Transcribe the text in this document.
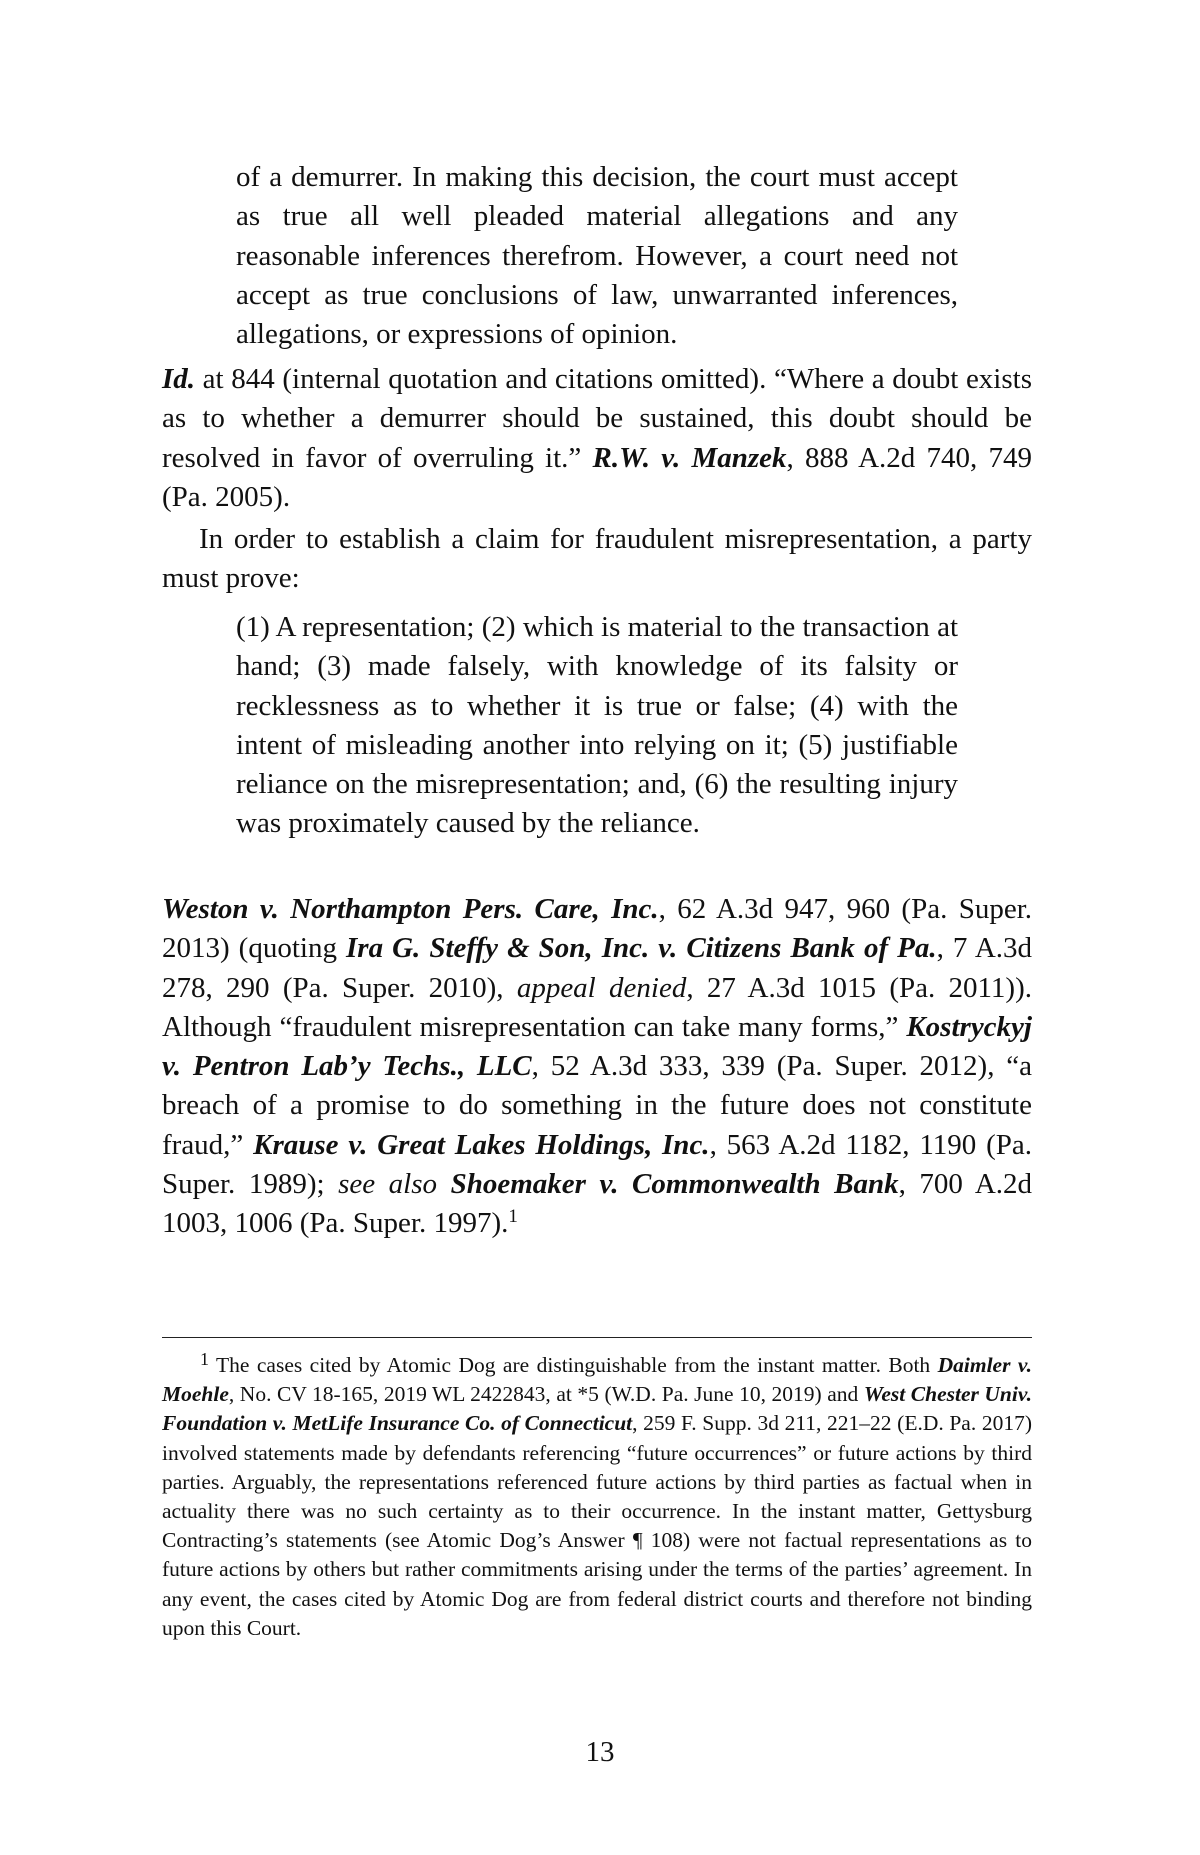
of a demurrer. In making this decision, the court must accept as true all well pleaded material allegations and any reasonable inferences therefrom. However, a court need not accept as true conclusions of law, unwarranted inferences, allegations, or expressions of opinion.
Id. at 844 (internal quotation and citations omitted). “Where a doubt exists as to whether a demurrer should be sustained, this doubt should be resolved in favor of overruling it.” R.W. v. Manzek, 888 A.2d 740, 749 (Pa. 2005).
In order to establish a claim for fraudulent misrepresentation, a party must prove:
(1) A representation; (2) which is material to the transaction at hand; (3) made falsely, with knowledge of its falsity or recklessness as to whether it is true or false; (4) with the intent of misleading another into relying on it; (5) justifiable reliance on the misrepresentation; and, (6) the resulting injury was proximately caused by the reliance.
Weston v. Northampton Pers. Care, Inc., 62 A.3d 947, 960 (Pa. Super. 2013) (quoting Ira G. Steffy & Son, Inc. v. Citizens Bank of Pa., 7 A.3d 278, 290 (Pa. Super. 2010), appeal denied, 27 A.3d 1015 (Pa. 2011)). Although “fraudulent misrepresentation can take many forms,” Kostryckyj v. Pentron Lab’y Techs., LLC, 52 A.3d 333, 339 (Pa. Super. 2012), “a breach of a promise to do something in the future does not constitute fraud,” Krause v. Great Lakes Holdings, Inc., 563 A.2d 1182, 1190 (Pa. Super. 1989); see also Shoemaker v. Commonwealth Bank, 700 A.2d 1003, 1006 (Pa. Super. 1997).$^1$
$^1$ The cases cited by Atomic Dog are distinguishable from the instant matter. Both Daimler v. Moehle, No. CV 18-165, 2019 WL 2422843, at *5 (W.D. Pa. June 10, 2019) and West Chester Univ. Foundation v. MetLife Insurance Co. of Connecticut, 259 F. Supp. 3d 211, 221–22 (E.D. Pa. 2017) involved statements made by defendants referencing “future occurrences” or future actions by third parties. Arguably, the representations referenced future actions by third parties as factual when in actuality there was no such certainty as to their occurrence. In the instant matter, Gettysburg Contracting’s statements (see Atomic Dog’s Answer ¶ 108) were not factual representations as to future actions by others but rather commitments arising under the terms of the parties’ agreement. In any event, the cases cited by Atomic Dog are from federal district courts and therefore not binding upon this Court.
13
